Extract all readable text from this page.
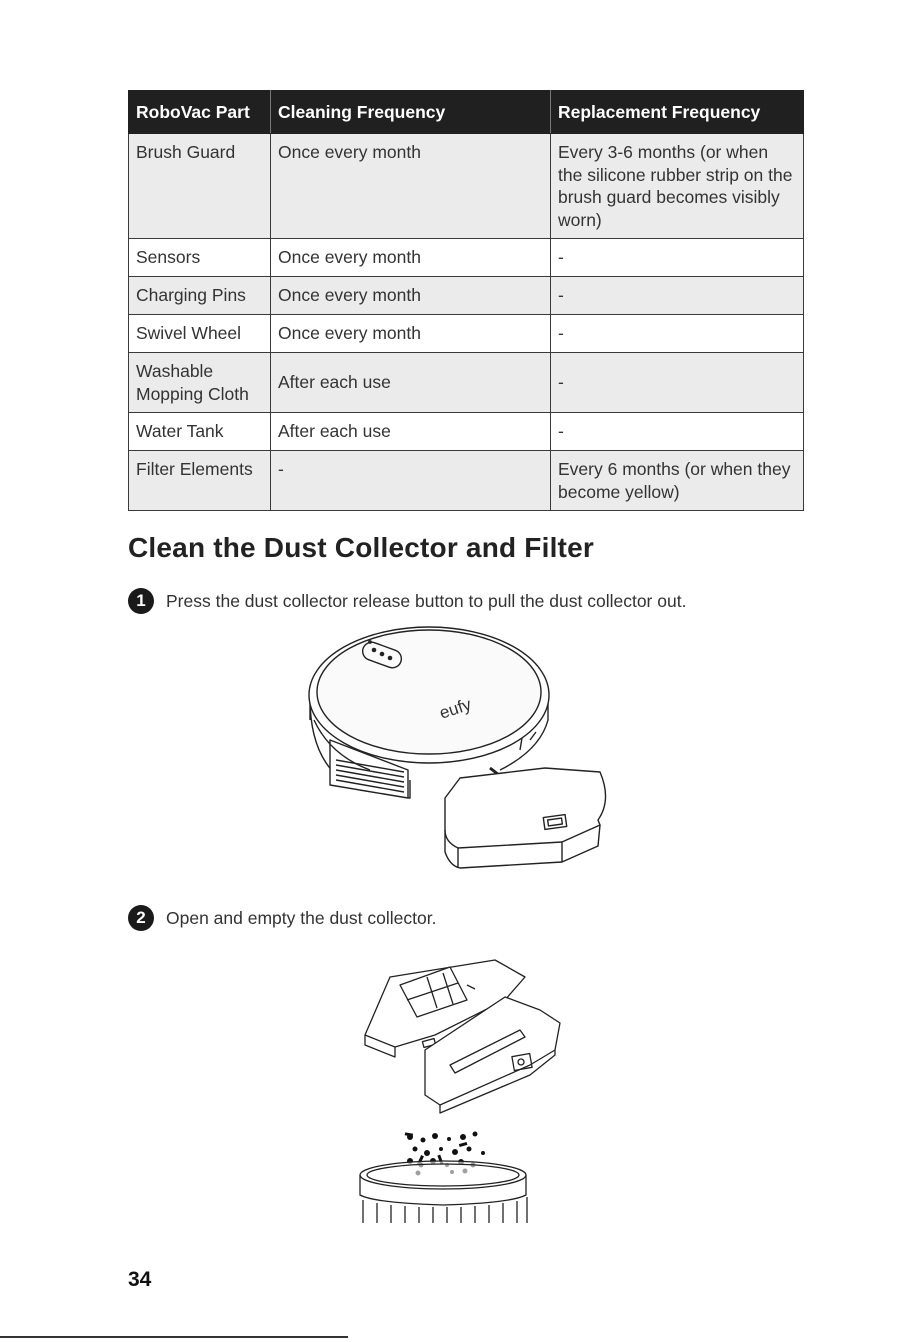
RoboVac Part	Cleaning Frequency	Replacement Frequency
Brush Guard	Once every month	Every 3-6 months (or when the silicone rubber strip on the brush guard becomes visibly worn)
Sensors	Once every month	-
Charging Pins	Once every month	-
Swivel Wheel	Once every month	-
Washable Mopping Cloth	After each use	-
Water Tank	After each use	-
Filter Elements	-	Every 6 months (or when they become yellow)
Clean the Dust Collector and Filter
1	Press the dust collector release button to pull the dust collector out.
eufy
2	Open and empty the dust collector.
34
